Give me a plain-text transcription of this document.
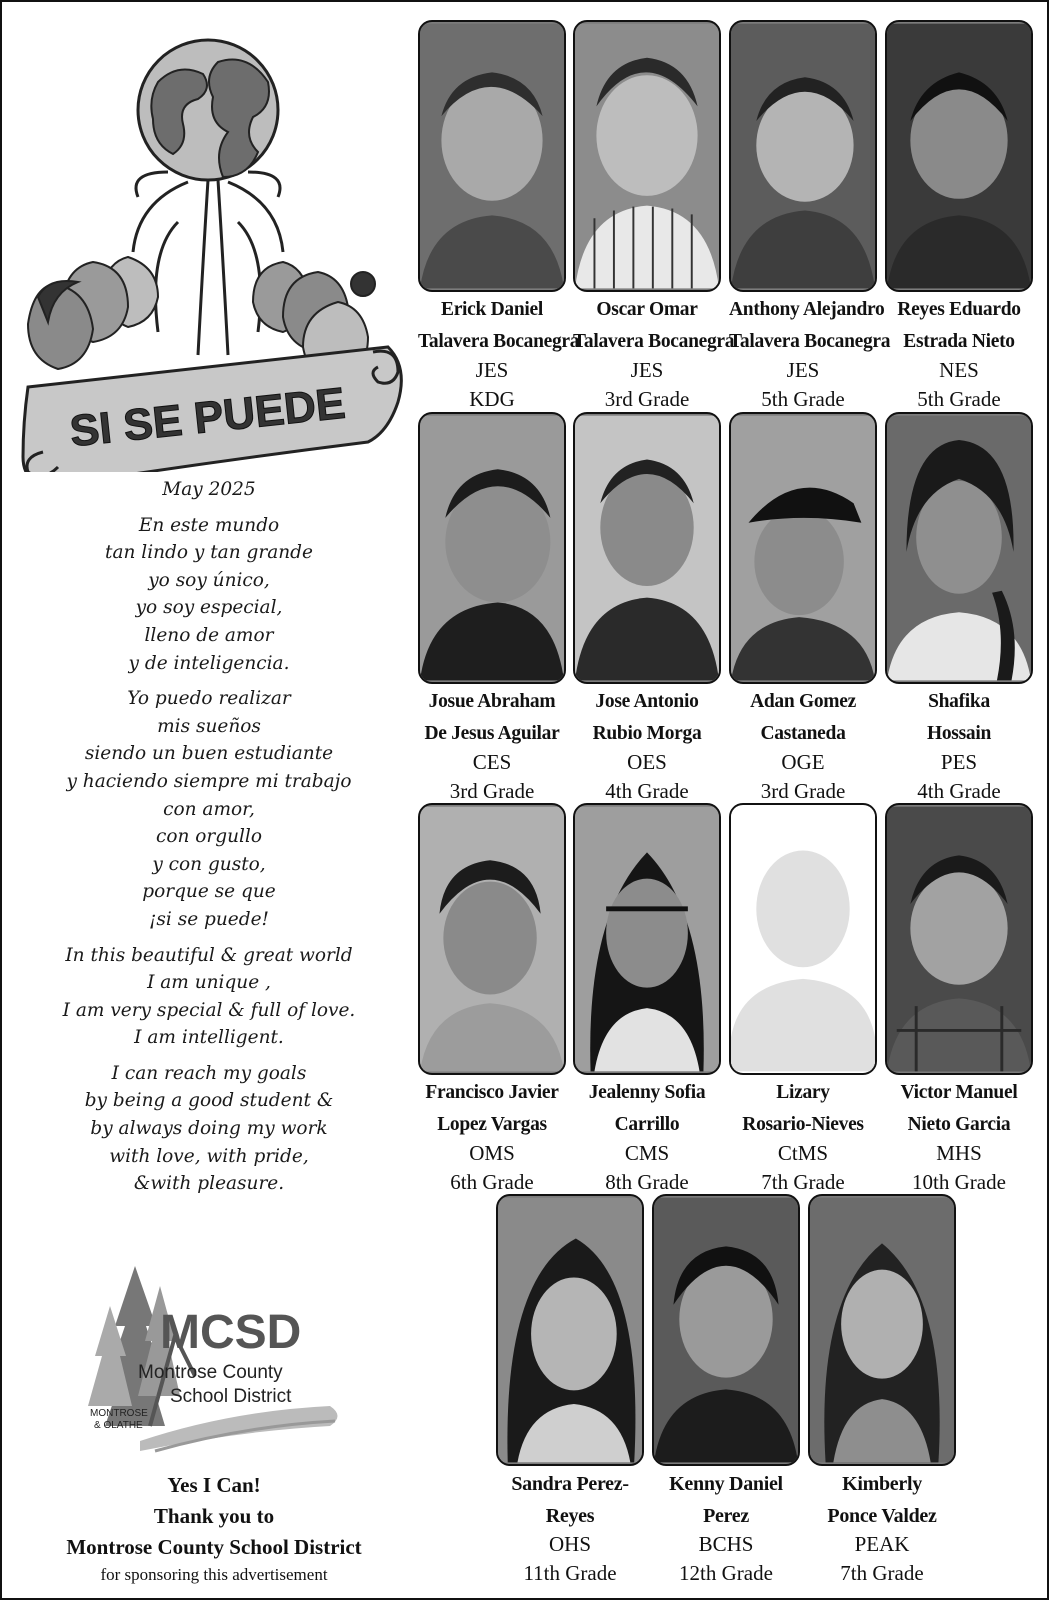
SI SE PUEDE
May 2025
En este mundo
tan lindo y tan grande
yo soy único,
yo soy especial,
lleno de amor
y de inteligencia.
Yo puedo realizar
mis sueños
siendo un buen estudiante
y haciendo siempre mi trabajo
con amor,
con orgullo
y con gusto,
porque se que
¡si se puede!
In this beautiful & great world
I am unique ,
I am very special & full of love.
I am intelligent.
I can reach my goals
by being a good student &
by always doing my work
with love, with pride,
&with pleasure.
MCSD
Montrose County
School District
MONTROSE
& OLATHE
Yes I Can!
Thank you to
Montrose County School District
for sponsoring this advertisement
Erick Daniel
Talavera Bocanegra
JES
KDG
Oscar Omar
Talavera Bocanegra
JES
3rd Grade
Anthony Alejandro
Talavera Bocanegra
JES
5th Grade
Reyes Eduardo
Estrada Nieto
NES
5th Grade
Josue Abraham
De Jesus Aguilar
CES
3rd Grade
Jose Antonio
Rubio Morga
OES
4th Grade
Adan Gomez
Castaneda
OGE
3rd Grade
Shafika
Hossain
PES
4th Grade
Francisco Javier
Lopez Vargas
OMS
6th Grade
Jealenny Sofia
Carrillo
CMS
8th Grade
Lizary
Rosario-Nieves
CtMS
7th Grade
Victor Manuel
Nieto Garcia
MHS
10th Grade
Sandra Perez-
Reyes
OHS
11th Grade
Kenny Daniel
Perez
BCHS
12th Grade
Kimberly
Ponce Valdez
PEAK
7th Grade
